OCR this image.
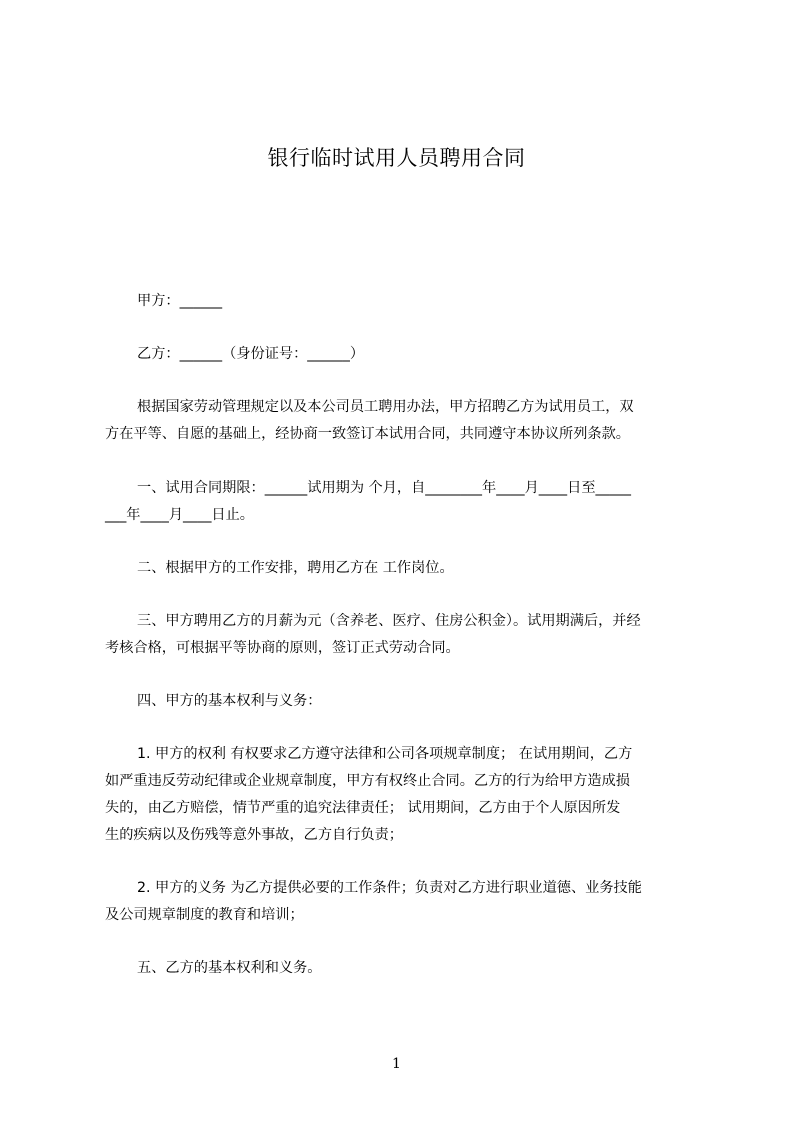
银行临时试用人员聘用合同
甲方：______
乙方：______（身份证号：______）
根据国家劳动管理规定以及本公司员工聘用办法，甲方招聘乙方为试用员工，双
方在平等、自愿的基础上，经协商一致签订本试用合同，共同遵守本协议所列条款。
一、试用合同期限：______试用期为 个月，自________年____月____日至_____
___年____月____日止。
二、根据甲方的工作安排，聘用乙方在 工作岗位。
三、甲方聘用乙方的月薪为元（含养老、医疗、住房公积金）。试用期满后，并经
考核合格，可根据平等协商的原则，签订正式劳动合同。
四、甲方的基本权利与义务：
1. 甲方的权利 有权要求乙方遵守法律和公司各项规章制度； 在试用期间，乙方
如严重违反劳动纪律或企业规章制度，甲方有权终止合同。乙方的行为给甲方造成损
失的，由乙方赔偿，情节严重的追究法律责任； 试用期间，乙方由于个人原因所发
生的疾病以及伤残等意外事故，乙方自行负责；
2. 甲方的义务 为乙方提供必要的工作条件；负责对乙方进行职业道德、业务技能
及公司规章制度的教育和培训；
五、乙方的基本权利和义务。
1
